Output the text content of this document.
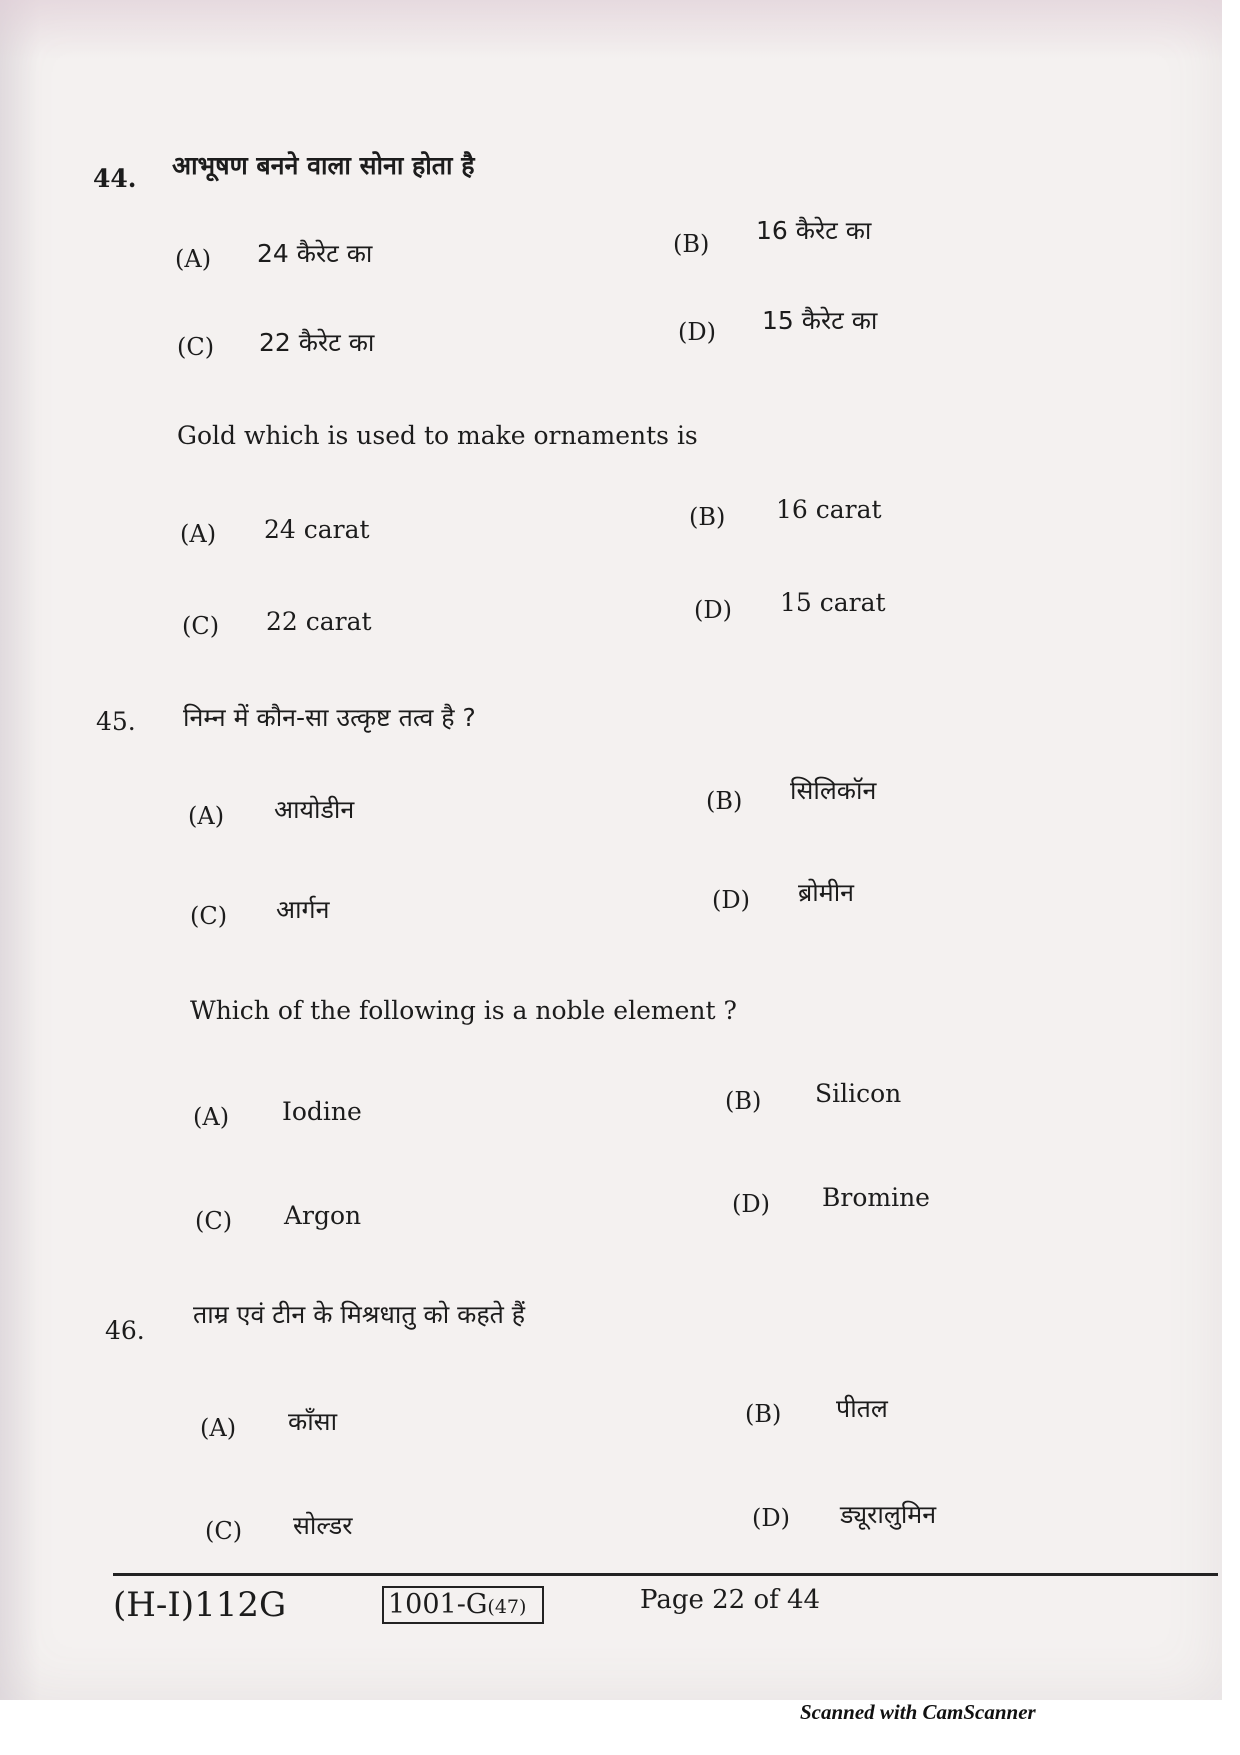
44. आभूषण बनने वाला सोना होता है
(A) 24 कैरेट का	(B) 16 कैरेट का
(C) 22 कैरेट का	(D) 15 कैरेट का
Gold which is used to make ornaments is
(A) 24 carat	(B) 16 carat
(C) 22 carat	(D) 15 carat
45. निम्न में कौन-सा उत्कृष्ट तत्व है ?
(A) आयोडीन	(B) सिलिकॉन
(C) आर्गन	(D) ब्रोमीन
Which of the following is a noble element ?
(A) Iodine	(B) Silicon
(C) Argon	(D) Bromine
46.
ताम्र एवं टीन के मिश्रधातु को कहते हैं
(A) काँसा	(B) पीतल
(C) सोल्डर	(D) ड्यूरालुमिन
(H-I)112G	1001-G(47)	Page 22 of 44
Scanned with CamScanner
